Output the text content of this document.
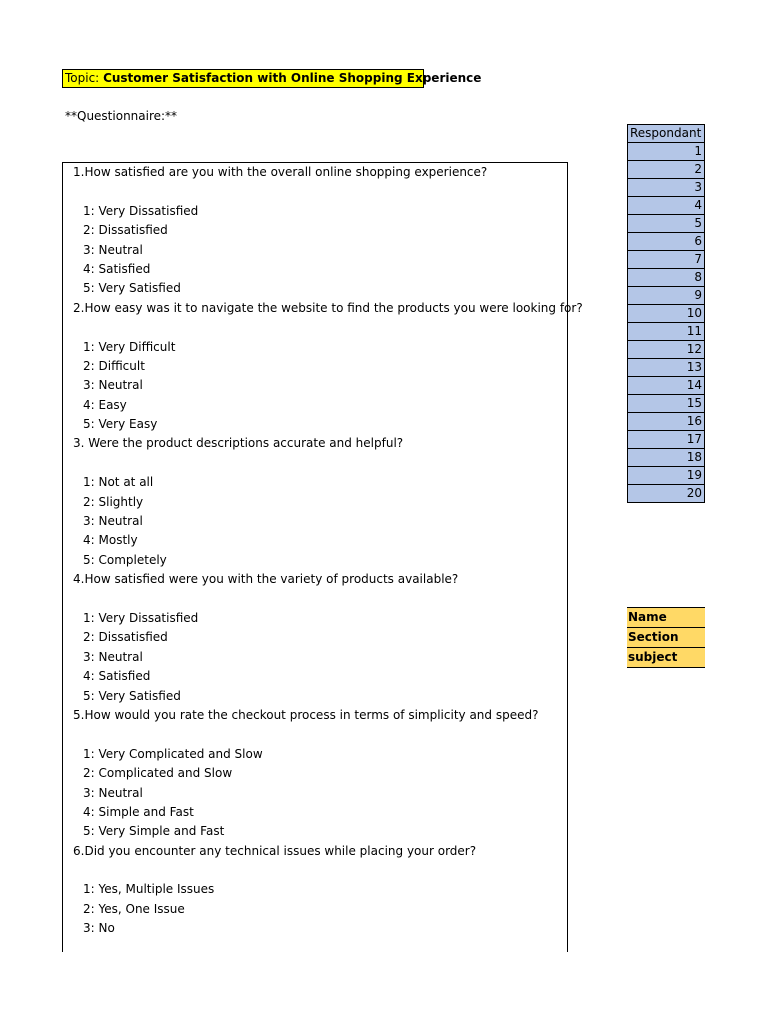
Topic: Customer Satisfaction with Online Shopping Experience
**Questionnaire:**
1.How satisfied are you with the overall online shopping experience?
1: Very Dissatisfied
2: Dissatisfied
3: Neutral
4: Satisfied
5: Very Satisfied
2.How easy was it to navigate the website to find the products you were looking for?
1: Very Difficult
2: Difficult
3: Neutral
4: Easy
5: Very Easy
3. Were the product descriptions accurate and helpful?
1: Not at all
2: Slightly
3: Neutral
4: Mostly
5: Completely
4.How satisfied were you with the variety of products available?
1: Very Dissatisfied
2: Dissatisfied
3: Neutral
4: Satisfied
5: Very Satisfied
5.How would you rate the checkout process in terms of simplicity and speed?
1: Very Complicated and Slow
2: Complicated and Slow
3: Neutral
4: Simple and Fast
5: Very Simple and Fast
6.Did you encounter any technical issues while placing your order?
1: Yes, Multiple Issues
2: Yes, One Issue
3: No
Respondant
1
2
3
4
5
6
7
8
9
10
11
12
13
14
15
16
17
18
19
20
Name
Section
subject
